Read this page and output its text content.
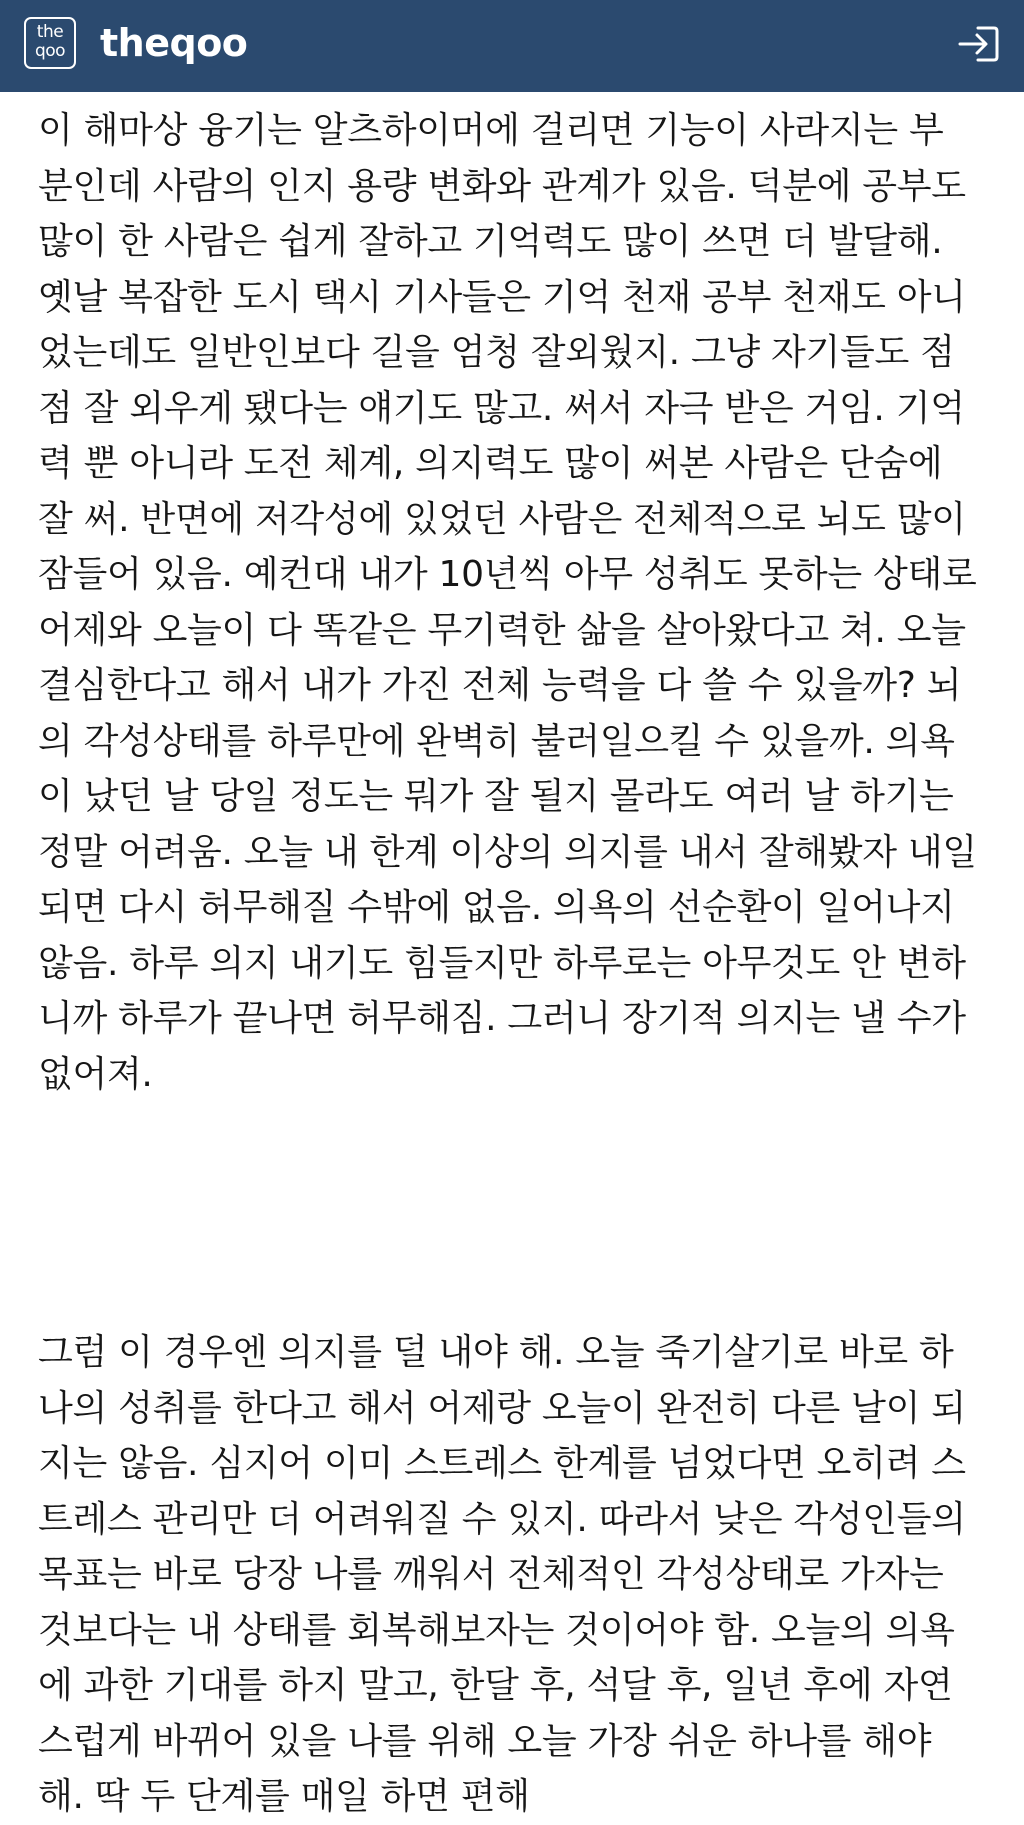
the
qoo theqoo

이 해마상 융기는 알츠하이머에 걸리면 기능이 사라지는 부
분인데 사람의 인지 용량 변화와 관계가 있음. 덕분에 공부도
많이 한 사람은 쉽게 잘하고 기억력도 많이 쓰면 더 발달해.
옛날 복잡한 도시 택시 기사들은 기억 천재 공부 천재도 아니
었는데도 일반인보다 길을 엄청 잘외웠지. 그냥 자기들도 점
점 잘 외우게 됐다는 얘기도 많고. 써서 자극 받은 거임. 기억
력 뿐 아니라 도전 체계, 의지력도 많이 써본 사람은 단숨에
잘 써. 반면에 저각성에 있었던 사람은 전체적으로 뇌도 많이
잠들어 있음. 예컨대 내가 10년씩 아무 성취도 못하는 상태로
어제와 오늘이 다 똑같은 무기력한 삶을 살아왔다고 쳐. 오늘
결심한다고 해서 내가 가진 전체 능력을 다 쓸 수 있을까? 뇌
의 각성상태를 하루만에 완벽히 불러일으킬 수 있을까. 의욕
이 났던 날 당일 정도는 뭐가 잘 될지 몰라도 여러 날 하기는
정말 어려움. 오늘 내 한계 이상의 의지를 내서 잘해봤자 내일
되면 다시 허무해질 수밖에 없음. 의욕의 선순환이 일어나지
않음. 하루 의지 내기도 힘들지만 하루로는 아무것도 안 변하
니까 하루가 끝나면 허무해짐. 그러니 장기적 의지는 낼 수가
없어져.

그럼 이 경우엔 의지를 덜 내야 해. 오늘 죽기살기로 바로 하
나의 성취를 한다고 해서 어제랑 오늘이 완전히 다른 날이 되
지는 않음. 심지어 이미 스트레스 한계를 넘었다면 오히려 스
트레스 관리만 더 어려워질 수 있지. 따라서 낮은 각성인들의
목표는 바로 당장 나를 깨워서 전체적인 각성상태로 가자는
것보다는 내 상태를 회복해보자는 것이어야 함. 오늘의 의욕
에 과한 기대를 하지 말고, 한달 후, 석달 후, 일년 후에 자연
스럽게 바뀌어 있을 나를 위해 오늘 가장 쉬운 하나를 해야
해. 딱 두 단계를 매일 하면 편해
